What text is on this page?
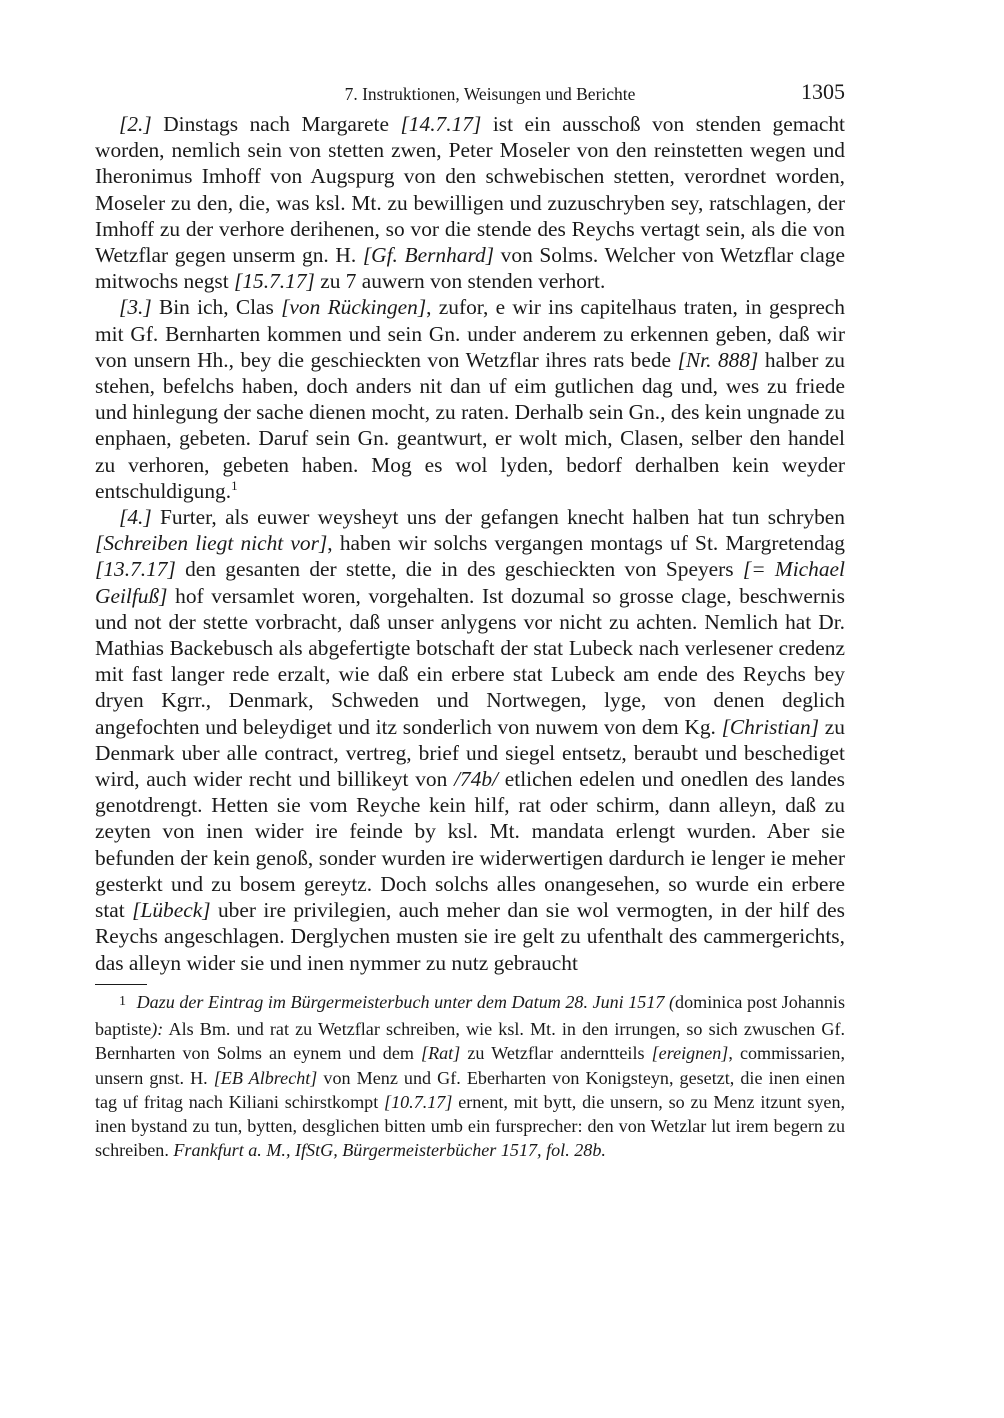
7. Instruktionen, Weisungen und Berichte	1305

[2.] Dinstags nach Margarete [14.7.17] ist ein ausschoß von stenden gemacht worden, nemlich sein von stetten zwen, Peter Moseler von den reinstetten wegen und Iheronimus Imhoff von Augspurg von den schwebischen stetten, verordnet worden, Moseler zu den, die, was ksl. Mt. zu bewilligen und zuzuschryben sey, ratschlagen, der Imhoff zu der verhore derihenen, so vor die stende des Reychs vertagt sein, als die von Wetzflar gegen unserm gn. H. [Gf. Bernhard] von Solms. Welcher von Wetzflar clage mitwochs negst [15.7.17] zu 7 auwern von stenden verhort.

[3.] Bin ich, Clas [von Rückingen], zufor, e wir ins capitelhaus traten, in gesprech mit Gf. Bernharten kommen und sein Gn. under anderem zu erkennen geben, daß wir von unsern Hh., bey die geschieckten von Wetzflar ihres rats bede [Nr. 888] halber zu stehen, befelchs haben, doch anders nit dan uf eim gutlichen dag und, wes zu friede und hinlegung der sache dienen mocht, zu raten. Derhalb sein Gn., des kein ungnade zu enphaen, gebeten. Daruf sein Gn. geantwurt, er wolt mich, Clasen, selber den handel zu verhoren, gebeten haben. Mog es wol lyden, bedorf derhalben kein weyder entschuldigung.$^1$

[4.] Furter, als euwer weysheyt uns der gefangen knecht halben hat tun schryben [Schreiben liegt nicht vor], haben wir solchs vergangen montags uf St. Margretendag [13.7.17] den gesanten der stette, die in des geschieckten von Speyers [= Michael Geilfuß] hof versamlet woren, vorgehalten. Ist dozumal so grosse clage, beschwernis und not der stette vorbracht, daß unser anlygens vor nicht zu achten. Nemlich hat Dr. Mathias Backebusch als abgefertigte botschaft der stat Lubeck nach verlesener credenz mit fast langer rede erzalt, wie daß ein erbere stat Lubeck am ende des Reychs bey dryen Kgrr., Denmark, Schweden und Nortwegen, lyge, von denen deglich angefochten und beleydiget und itz sonderlich von nuwem von dem Kg. [Christian] zu Denmark uber alle contract, vertreg, brief und siegel entsetz, beraubt und beschediget wird, auch wider recht und billikeyt von /74b/ etlichen edelen und onedlen des landes genotdrengt. Hetten sie vom Reyche kein hilf, rat oder schirm, dann alleyn, daß zu zeyten von inen wider ire feinde by ksl. Mt. mandata erlengt wurden. Aber sie befunden der kein genoß, sonder wurden ire widerwertigen dardurch ie lenger ie meher gesterkt und zu bosem gereytz. Doch solchs alles onangesehen, so wurde ein erbere stat [Lübeck] uber ire privilegien, auch meher dan sie wol vermogten, in der hilf des Reychs angeschlagen. Derglychen musten sie ire gelt zu ufenthalt des cammergerichts, das alleyn wider sie und inen nymmer zu nutz gebraucht

1 Dazu der Eintrag im Bürgermeisterbuch unter dem Datum 28. Juni 1517 (dominica post Johannis baptiste): Als Bm. und rat zu Wetzflar schreiben, wie ksl. Mt. in den irrungen, so sich zwuschen Gf. Bernharten von Solms an eynem und dem [Rat] zu Wetzflar anderntteils [ereignen], commissarien, unsern gnst. H. [EB Albrecht] von Menz und Gf. Eberharten von Konigsteyn, gesetzt, die inen einen tag uf fritag nach Kiliani schirstkompt [10.7.17] ernent, mit bytt, die unsern, so zu Menz itzunt syen, inen bystand zu tun, bytten, desglichen bitten umb ein fursprecher: den von Wetzlar lut irem begern zu schreiben. Frankfurt a. M., IfStG, Bürgermeisterbücher 1517, fol. 28b.
